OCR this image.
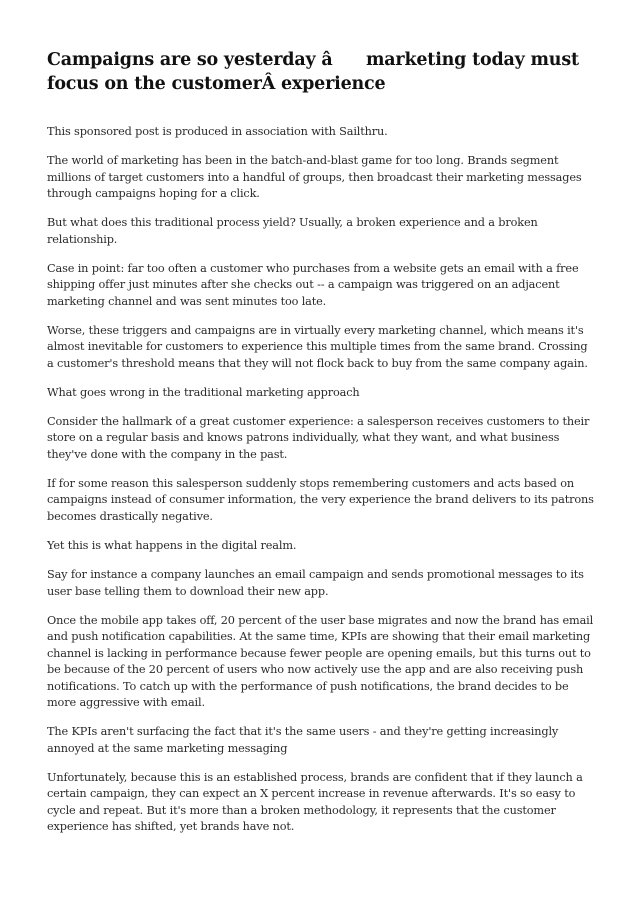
Campaigns are so yesterday â marketing today must focus on the customerÂ experience

This sponsored post is produced in association with Sailthru.

The world of marketing has been in the batch-and-blast game for too long. Brands segment millions of target customers into a handful of groups, then broadcast their marketing messages through campaigns hoping for a click.

But what does this traditional process yield? Usually, a broken experience and a broken relationship.

Case in point: far too often a customer who purchases from a website gets an email with a free shipping offer just minutes after she checks out -- a campaign was triggered on an adjacent marketing channel and was sent minutes too late.

Worse, these triggers and campaigns are in virtually every marketing channel, which means it's almost inevitable for customers to experience this multiple times from the same brand. Crossing a customer's threshold means that they will not flock back to buy from the same company again.

What goes wrong in the traditional marketing approach

Consider the hallmark of a great customer experience: a salesperson receives customers to their store on a regular basis and knows patrons individually, what they want, and what business they've done with the company in the past.

If for some reason this salesperson suddenly stops remembering customers and acts based on campaigns instead of consumer information, the very experience the brand delivers to its patrons becomes drastically negative.

Yet this is what happens in the digital realm.

Say for instance a company launches an email campaign and sends promotional messages to its user base telling them to download their new app.

Once the mobile app takes off, 20 percent of the user base migrates and now the brand has email and push notification capabilities. At the same time, KPIs are showing that their email marketing channel is lacking in performance because fewer people are opening emails, but this turns out to be because of the 20 percent of users who now actively use the app and are also receiving push notifications. To catch up with the performance of push notifications, the brand decides to be more aggressive with email.

The KPIs aren't surfacing the fact that it's the same users - and they're getting increasingly annoyed at the same marketing messaging

Unfortunately, because this is an established process, brands are confident that if they launch a certain campaign, they can expect an X percent increase in revenue afterwards. It's so easy to cycle and repeat. But it's more than a broken methodology, it represents that the customer experience has shifted, yet brands have not.
